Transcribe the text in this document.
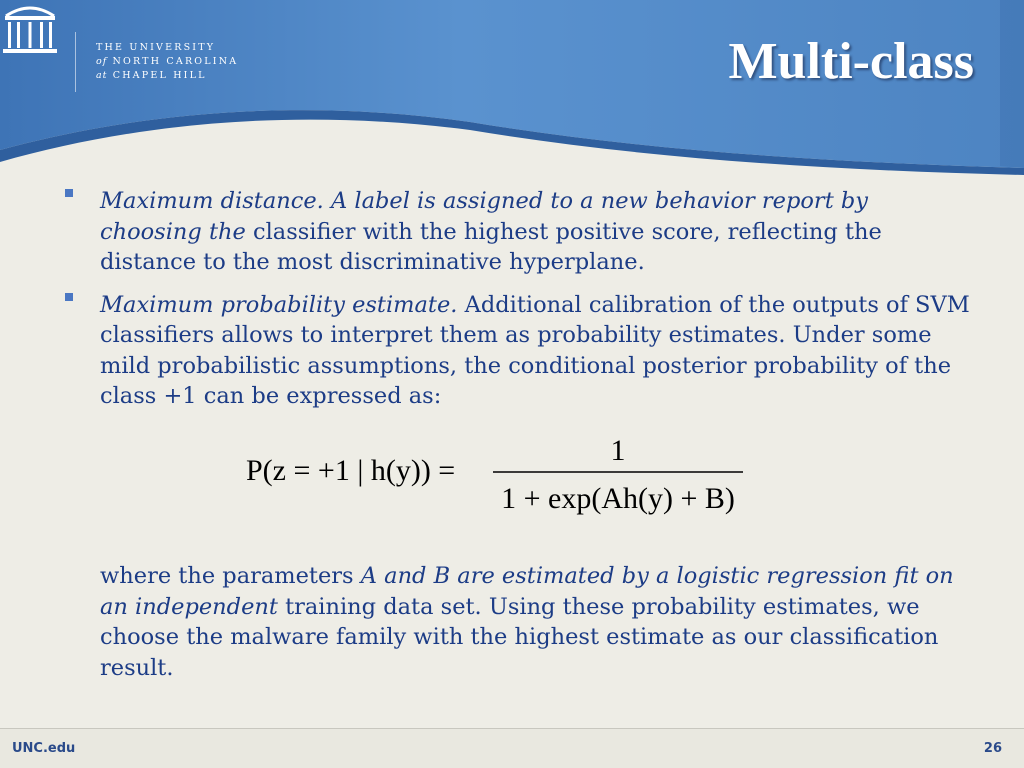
THE UNIVERSITY
of NORTH CAROLINA
at CHAPEL HILL	Multi-class
Maximum distance. A label is assigned to a new behavior report by choosing the classifier with the highest positive score, reflecting the distance to the most discriminative hyperplane.
Maximum probability estimate. Additional calibration of the outputs of SVM classifiers allows to interpret them as probability estimates. Under some mild probabilistic assumptions, the conditional posterior probability of the class +1 can be expressed as:
P(z = +1 | h(y)) =
1
1 + exp(Ah(y) + B)

where the parameters A and B are estimated by a logistic regression fit on an independent training data set. Using these probability estimates, we choose the malware family with the highest estimate as our classification result.

UNC.edu	26
